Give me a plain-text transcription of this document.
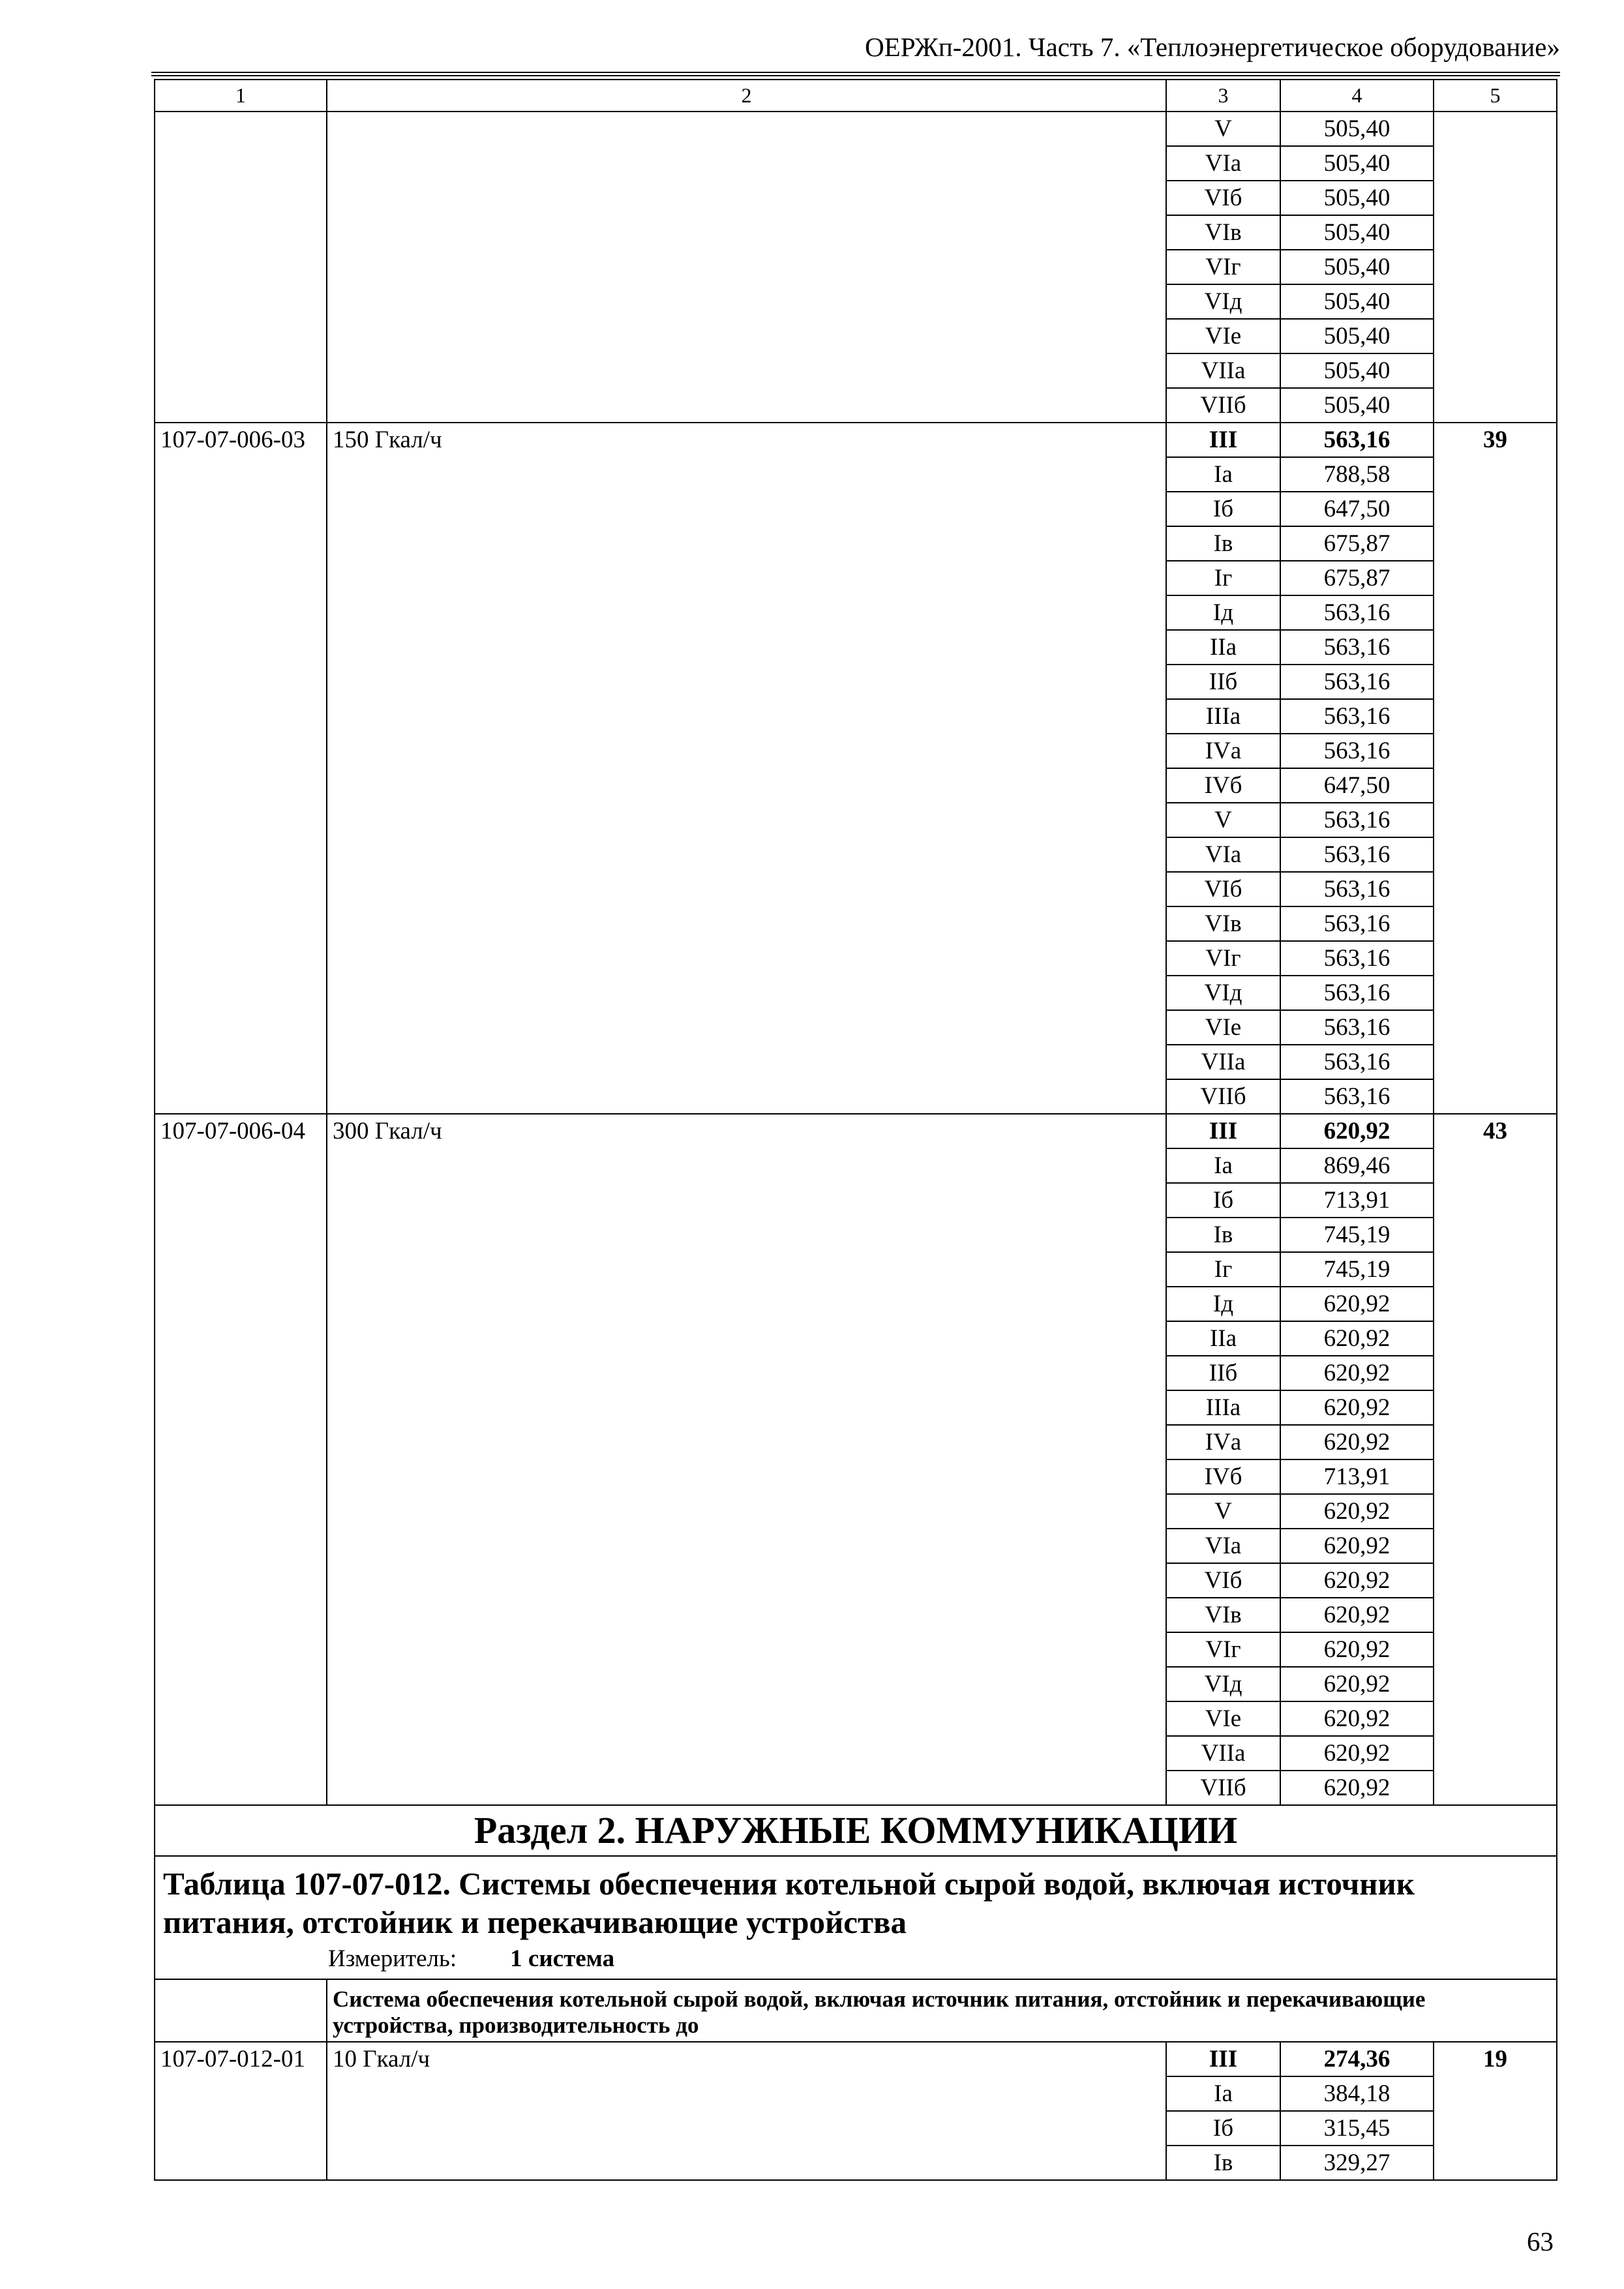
ОЕРЖп-2001. Часть 7. «Теплоэнергетическое оборудование»
1	2	3	4	5
		V	505,40	
		VIа	505,40	
		VIб	505,40	
		VIв	505,40	
		VIг	505,40	
		VIд	505,40	
		VIе	505,40	
		VIIа	505,40	
		VIIб	505,40	
107-07-006-03	150 Гкал/ч	III	563,16	39
		Iа	788,58	
		Iб	647,50	
		Iв	675,87	
		Iг	675,87	
		Iд	563,16	
		IIа	563,16	
		IIб	563,16	
		IIIа	563,16	
		IVа	563,16	
		IVб	647,50	
		V	563,16	
		VIа	563,16	
		VIб	563,16	
		VIв	563,16	
		VIг	563,16	
		VIд	563,16	
		VIе	563,16	
		VIIа	563,16	
		VIIб	563,16	
107-07-006-04	300 Гкал/ч	III	620,92	43
		Iа	869,46	
		Iб	713,91	
		Iв	745,19	
		Iг	745,19	
		Iд	620,92	
		IIа	620,92	
		IIб	620,92	
		IIIа	620,92	
		IVа	620,92	
		IVб	713,91	
		V	620,92	
		VIа	620,92	
		VIб	620,92	
		VIв	620,92	
		VIг	620,92	
		VIд	620,92	
		VIе	620,92	
		VIIа	620,92	
		VIIб	620,92	
Раздел 2. НАРУЖНЫЕ КОММУНИКАЦИИ				

Таблица 107-07-012. Системы обеспечения котельной сырой водой, включая источник питания, отстойник и перекачивающие устройства
Измеритель: 1 система				

	Система обеспечения котельной сырой водой, включая источник питания, отстойник и перекачивающие устройства, производительность до			
107-07-012-01	10 Гкал/ч	III	274,36	19
		Iа	384,18	
		Iб	315,45	
		Iв	329,27	
63
